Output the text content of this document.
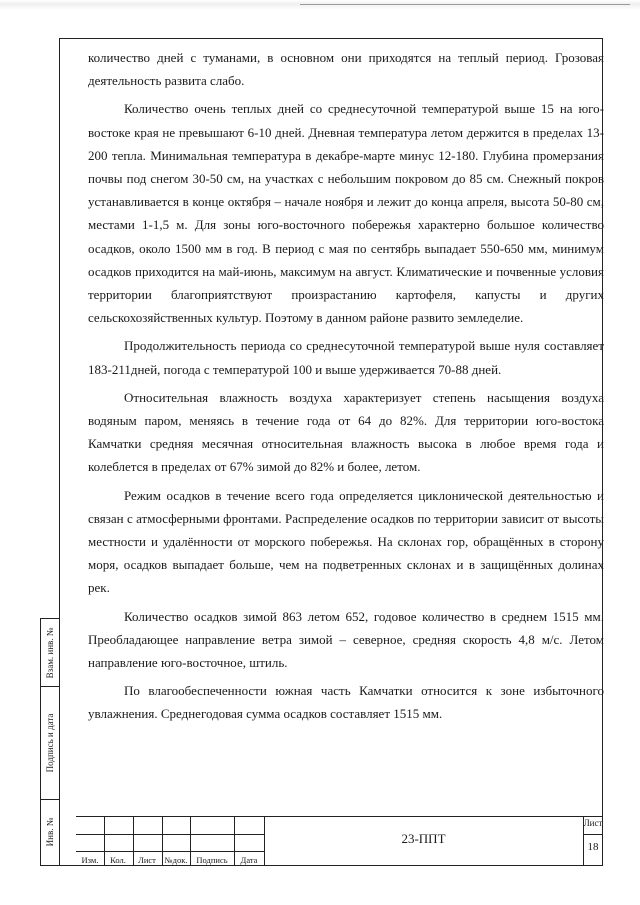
количество дней с туманами, в основном они приходятся на теплый период. Грозовая деятельность развита слабо.

Количество очень теплых дней со среднесуточной температурой выше 15 на юго-востоке края не превышают 6-10 дней. Дневная температура летом держится в пределах 13-200 тепла. Минимальная температура в декабре-марте минус 12-180. Глубина промерзания почвы под снегом 30-50 см, на участках с небольшим покровом до 85 см. Снежный покров устанавливается в конце октября – начале ноября и лежит до конца апреля, высота 50-80 см, местами 1-1,5 м. Для зоны юго-восточного побережья характерно большое количество осадков, около 1500 мм в год. В период с мая по сентябрь выпадает 550-650 мм, минимум осадков приходится на май-июнь, максимум на август. Климатические и почвенные условия территории благоприятствуют произрастанию картофеля, капусты и других сельскохозяйственных культур. Поэтому в данном районе развито земледелие.

Продолжительность периода со среднесуточной температурой выше нуля составляет 183-211дней, погода с температурой 100 и выше удерживается 70-88 дней.

Относительная влажность воздуха характеризует степень насыщения воздуха водяным паром, меняясь в течение года от 64 до 82%. Для территории юго-востока Камчатки средняя месячная относительная влажность высока в любое время года и колеблется в пределах от 67% зимой до 82% и более, летом.

Режим осадков в течение всего года определяется циклонической деятельностью и связан с атмосферными фронтами. Распределение осадков по территории зависит от высоты местности и удалённости от морского побережья. На склонах гор, обращённых в сторону моря, осадков выпадает больше, чем на подветренных склонах и в защищённых долинах рек.

Количество осадков зимой 863 летом 652, годовое количество в среднем 1515 мм. Преобладающее направление ветра зимой – северное, средняя скорость 4,8 м/с. Летом направление юго-восточное, штиль.

По влагообеспеченности южная часть Камчатки относится к зоне избыточного увлажнения. Среднегодовая сумма осадков составляет 1515 мм.

Взам. инв. №
Подпись и дата
Инв. №
Изм.	Кол.	Лист	№док.	Подпись	Дата
23-ППТ
Лист
18
